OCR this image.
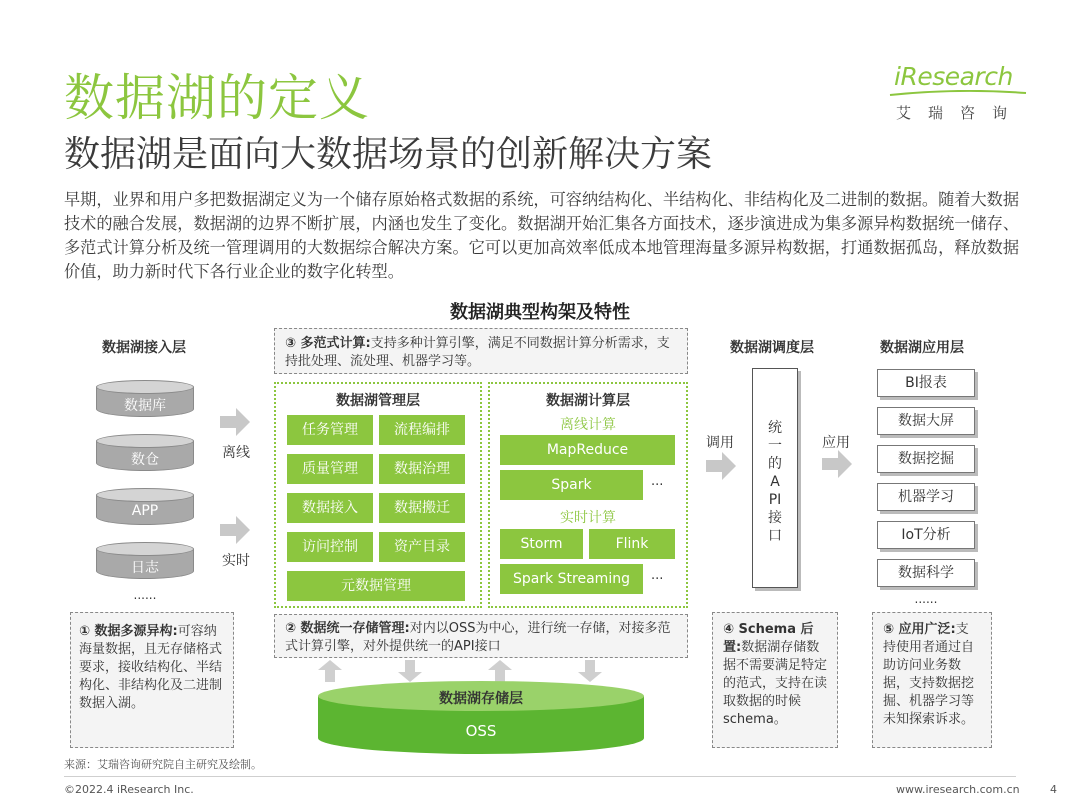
数据湖的定义
数据湖是面向大数据场景的创新解决方案
iResearch
艾瑞咨询
早期，业界和用户多把数据湖定义为一个储存原始格式数据的系统，可容纳结构化、半结构化、非结构化及二进制的数据。随着大数据技术的融合发展，数据湖的边界不断扩展，内涵也发生了变化。数据湖开始汇集各方面技术，逐步演进成为集多源异构数据统一储存、多范式计算分析及统一管理调用的大数据综合解决方案。它可以更加高效率低成本地管理海量多源异构数据，打通数据孤岛，释放数据价值，助力新时代下各行业企业的数字化转型。
数据湖典型构架及特性
数据湖接入层
数据库
数仓
APP
日志
......
离线
实时
① 数据多源异构:可容纳海量数据，且无存储格式要求，接收结构化、半结构化、非结构化及二进制数据入湖。
③ 多范式计算:支持多种计算引擎，满足不同数据计算分析需求，支持批处理、流处理、机器学习等。
数据湖管理层
任务管理	流程编排
质量管理	数据治理
数据接入	数据搬迁
访问控制	资产目录
元数据管理
数据湖计算层
离线计算
MapReduce
Spark	...
实时计算
Storm	Flink
Spark Streaming	...
② 数据统一存储管理:对内以OSS为中心，进行统一存储，对接多范式计算引擎，对外提供统一的API接口
数据湖存储层
OSS
数据湖调度层
调用
统一的API接口
应用
④ Schema 后置:数据湖存储数据不需要满足特定的范式，支持在读取数据的时候schema。
数据湖应用层
BI报表
数据大屏
数据挖掘
机器学习
IoT分析
数据科学
......
⑤ 应用广泛:支持使用者通过自助访问业务数据，支持数据挖掘、机器学习等未知探索诉求。
来源：艾瑞咨询研究院自主研究及绘制。
©2022.4 iResearch Inc.	www.iresearch.com.cn	4
